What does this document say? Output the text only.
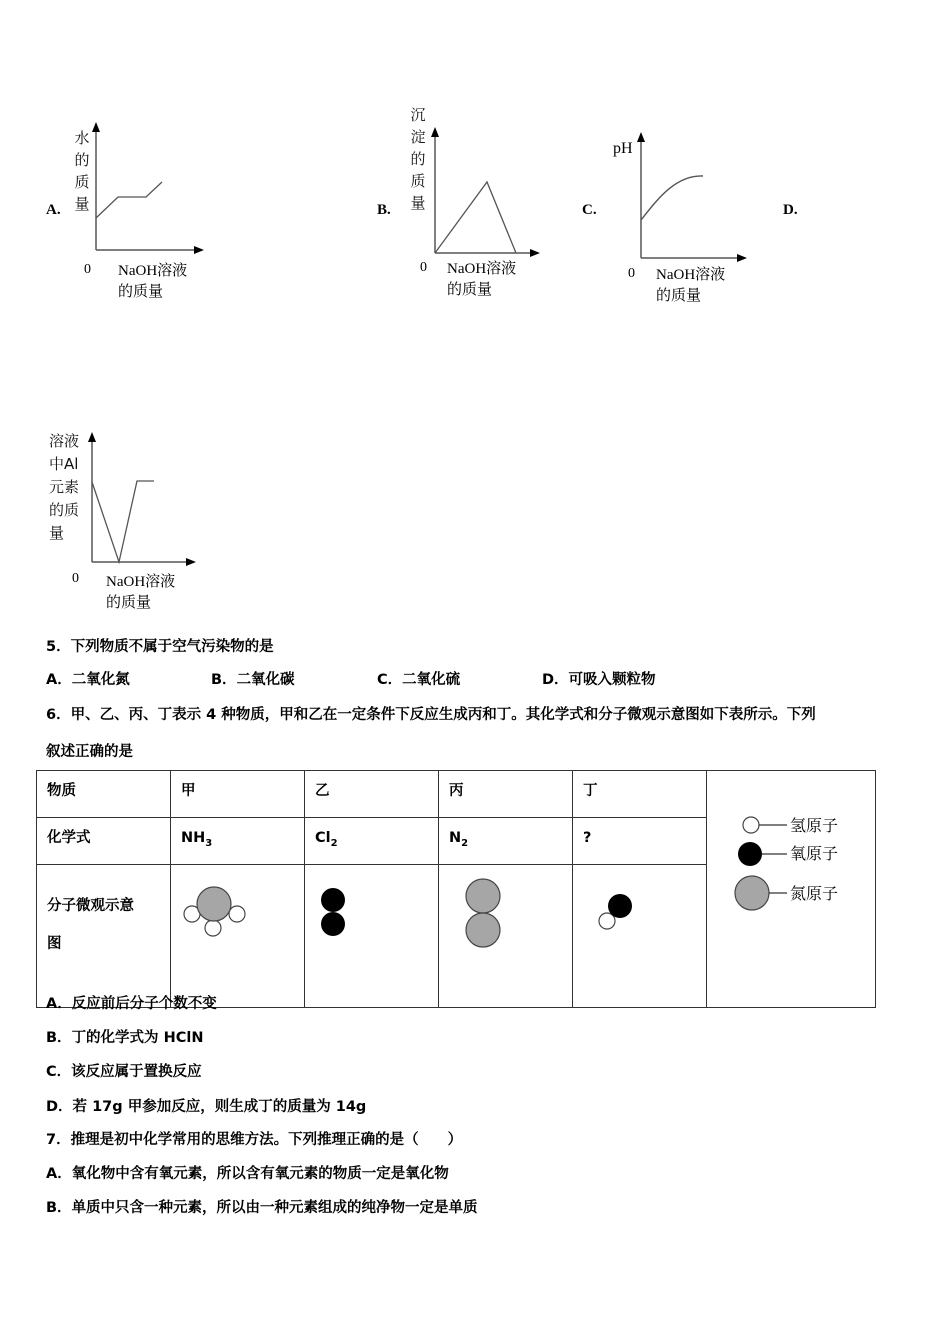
A.
水
的
质
量
0 NaOH溶液
的质量
B.
沉
淀
的
质
量
0 NaOH溶液
的质量
C.
pH
0 NaOH溶液
的质量
D.
溶液
中Al
元素
的质
量
0 NaOH溶液
的质量
5．下列物质不属于空气污染物的是
A．二氧化氮	B．二氧化碳	C．二氧化硫	D．可吸入颗粒物
6．甲、乙、丙、丁表示 4 种物质，甲和乙在一定条件下反应生成丙和丁。其化学式和分子微观示意图如下表所示。下列
叙述正确的是
物质	甲	乙	丙	丁	氢原子
氧原子
氮原子

化学式	$NH_3$	$Cl_2$	$N_2$	?	

分子微观示意
图

A．反应前后分子个数不变
B．丁的化学式为 HClN
C．该反应属于置换反应
D．若 17g 甲参加反应，则生成丁的质量为 14g
7．推理是初中化学常用的思维方法。下列推理正确的是（　　）
A．氧化物中含有氧元素，所以含有氧元素的物质一定是氧化物
B．单质中只含一种元素，所以由一种元素组成的纯净物一定是单质
